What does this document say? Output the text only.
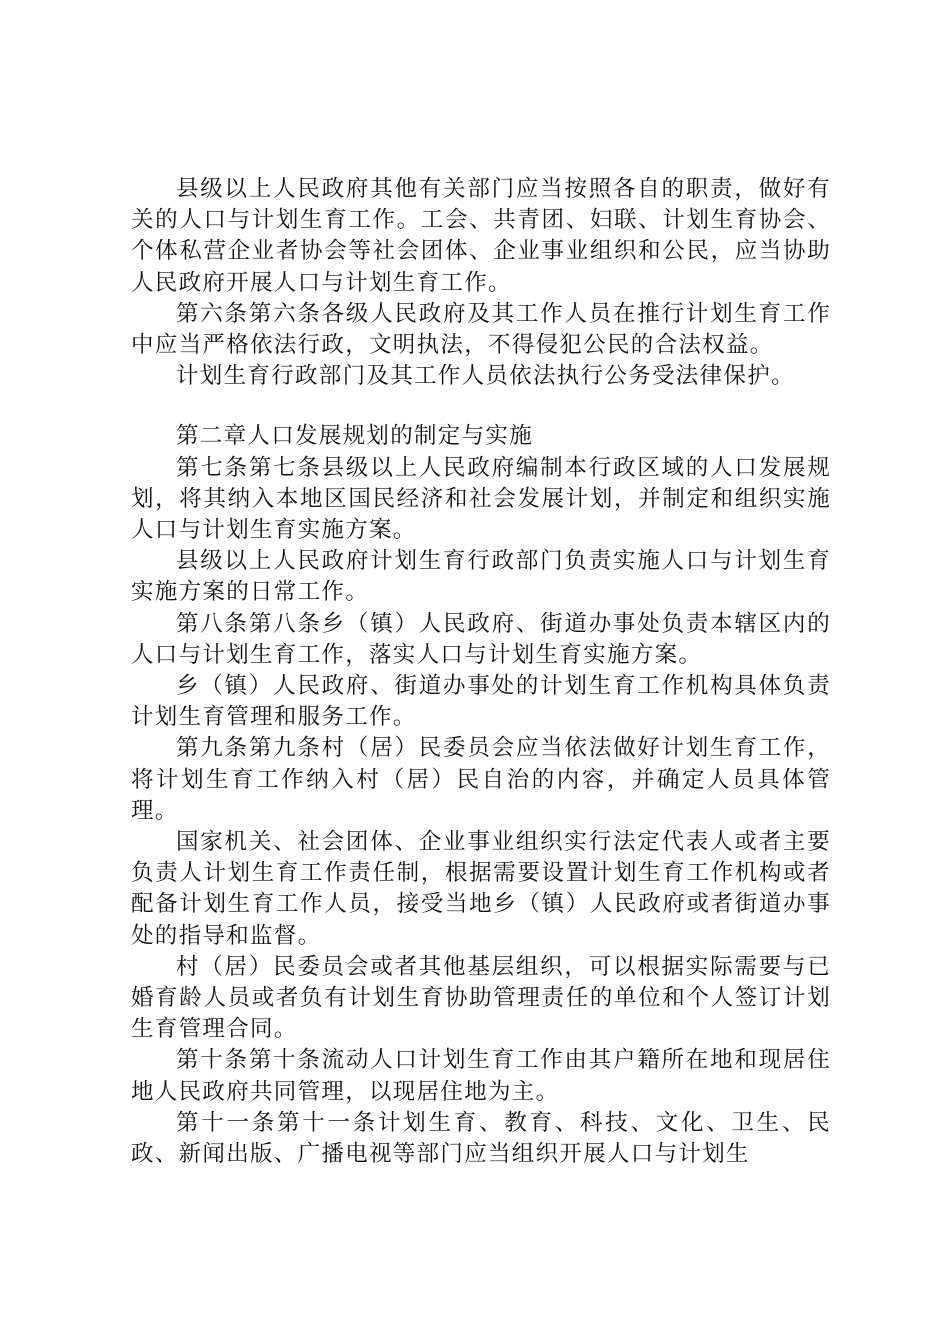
县级以上人民政府其他有关部门应当按照各自的职责，做好有关的人口与计划生育工作。工会、共青团、妇联、计划生育协会、个体私营企业者协会等社会团体、企业事业组织和公民，应当协助人民政府开展人口与计划生育工作。

第六条第六条各级人民政府及其工作人员在推行计划生育工作中应当严格依法行政，文明执法，不得侵犯公民的合法权益。

计划生育行政部门及其工作人员依法执行公务受法律保护。

第二章人口发展规划的制定与实施

第七条第七条县级以上人民政府编制本行政区域的人口发展规划，将其纳入本地区国民经济和社会发展计划，并制定和组织实施人口与计划生育实施方案。

县级以上人民政府计划生育行政部门负责实施人口与计划生育实施方案的日常工作。

第八条第八条乡（镇）人民政府、街道办事处负责本辖区内的人口与计划生育工作，落实人口与计划生育实施方案。

乡（镇）人民政府、街道办事处的计划生育工作机构具体负责计划生育管理和服务工作。

第九条第九条村（居）民委员会应当依法做好计划生育工作，将计划生育工作纳入村（居）民自治的内容，并确定人员具体管理。

国家机关、社会团体、企业事业组织实行法定代表人或者主要负责人计划生育工作责任制，根据需要设置计划生育工作机构或者配备计划生育工作人员，接受当地乡（镇）人民政府或者街道办事处的指导和监督。

村（居）民委员会或者其他基层组织，可以根据实际需要与已婚育龄人员或者负有计划生育协助管理责任的单位和个人签订计划生育管理合同。

第十条第十条流动人口计划生育工作由其户籍所在地和现居住地人民政府共同管理，以现居住地为主。

第十一条第十一条计划生育、教育、科技、文化、卫生、民政、新闻出版、广播电视等部门应当组织开展人口与计划生
